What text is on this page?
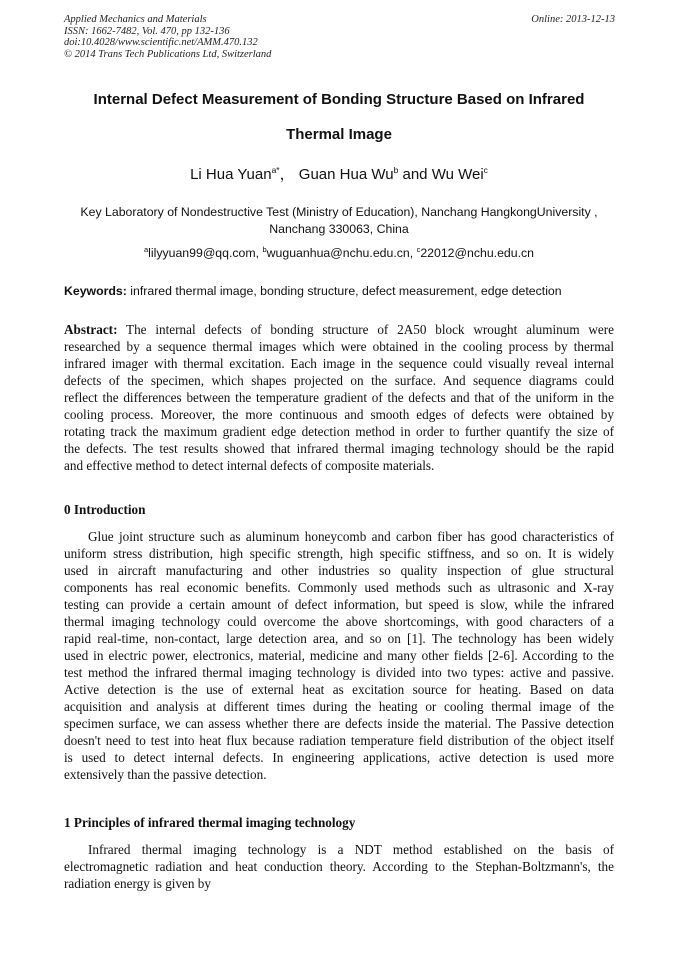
Applied Mechanics and Materials
ISSN: 1662-7482, Vol. 470, pp 132-136
doi:10.4028/www.scientific.net/AMM.470.132
© 2014 Trans Tech Publications Ltd, Switzerland
Online: 2013-12-13
Internal Defect Measurement of Bonding Structure Based on Infrared
Thermal Image
Li Hua Yuan$^{a*}$， Guan Hua Wu$^b$ and Wu Wei$^c$
Key Laboratory of Nondestructive Test (Ministry of Education), Nanchang HangkongUniversity ,
Nanchang 330063, China
$^a$lilyyuan99@qq.com, $^b$wuguanhua@nchu.edu.cn, $^c$22012@nchu.edu.cn
Keywords: infrared thermal image, bonding structure, defect measurement, edge detection
Abstract: The internal defects of bonding structure of 2A50 block wrought aluminum were
researched by a sequence thermal images which were obtained in the cooling process by thermal
infrared imager with thermal excitation. Each image in the sequence could visually reveal internal
defects of the specimen, which shapes projected on the surface. And sequence diagrams could
reflect the differences between the temperature gradient of the defects and that of the uniform in the
cooling process. Moreover, the more continuous and smooth edges of defects were obtained by
rotating track the maximum gradient edge detection method in order to further quantify the size of
the defects. The test results showed that infrared thermal imaging technology should be the rapid
and effective method to detect internal defects of composite materials.
0 Introduction
Glue joint structure such as aluminum honeycomb and carbon fiber has good characteristics of
uniform stress distribution, high specific strength, high specific stiffness, and so on. It is widely
used in aircraft manufacturing and other industries so quality inspection of glue structural
components has real economic benefits. Commonly used methods such as ultrasonic and X-ray
testing can provide a certain amount of defect information, but speed is slow, while the infrared
thermal imaging technology could overcome the above shortcomings, with good characters of a
rapid real-time, non-contact, large detection area, and so on [1]. The technology has been widely
used in electric power, electronics, material, medicine and many other fields [2-6]. According to the
test method the infrared thermal imaging technology is divided into two types: active and passive.
Active detection is the use of external heat as excitation source for heating. Based on data
acquisition and analysis at different times during the heating or cooling thermal image of the
specimen surface, we can assess whether there are defects inside the material. The Passive detection
doesn't need to test into heat flux because radiation temperature field distribution of the object itself
is used to detect internal defects. In engineering applications, active detection is used more
extensively than the passive detection.
1 Principles of infrared thermal imaging technology
Infrared thermal imaging technology is a NDT method established on the basis of
electromagnetic radiation and heat conduction theory. According to the Stephan-Boltzmann's, the
radiation energy is given by
